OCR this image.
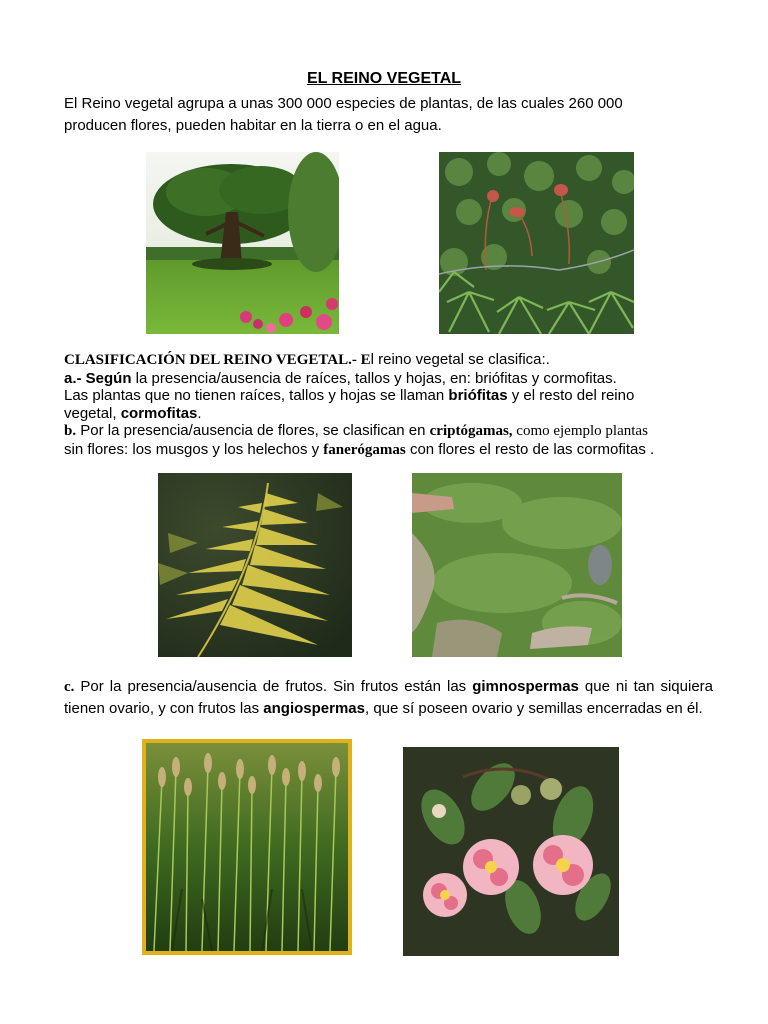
EL REINO VEGETAL
El Reino vegetal agrupa a unas 300 000 especies de plantas, de las cuales 260 000
producen flores, pueden habitar en la tierra o en el agua.
CLASIFICACIÓN DEL REINO VEGETAL.- El reino vegetal se clasifica:.
a.- Según la presencia/ausencia de raíces, tallos y hojas, en: briófitas y cormofitas.
Las plantas que no tienen raíces, tallos y hojas se llaman briófitas y el resto del reino
vegetal, cormofitas.
b. Por la presencia/ausencia de flores, se clasifican en criptógamas, como ejemplo plantas
sin flores: los musgos y los helechos y fanerógamas con flores el resto de las cormofitas .
c. Por la presencia/ausencia de frutos. Sin frutos están las gimnospermas que ni tan siquiera tienen ovario, y con frutos las angiospermas, que sí poseen ovario y semillas encerradas en él.
